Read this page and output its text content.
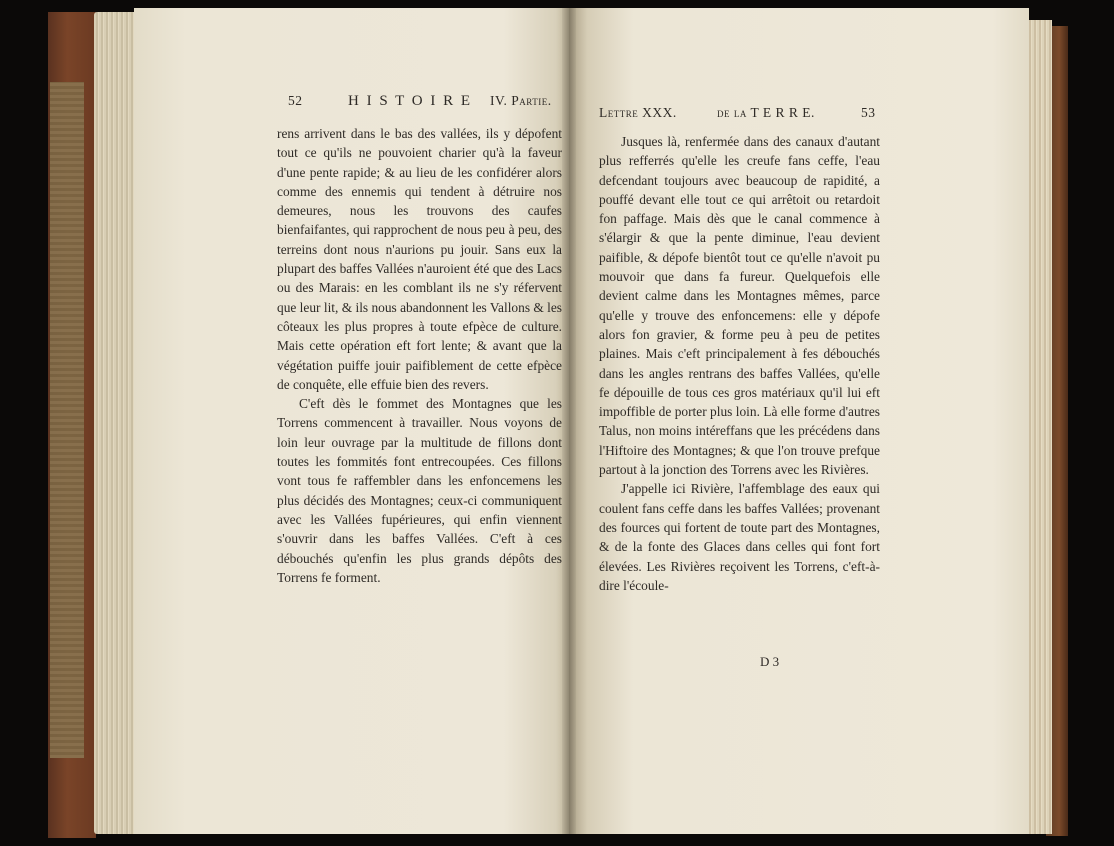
52	H I S T O I R E IV. Partie.

rens arrivent dans le bas des vallées, ils y dépofent tout ce qu'ils ne pouvoient charier qu'à la faveur d'une pente rapide; & au lieu de les confidérer alors comme des ennemis qui tendent à détruire nos demeures, nous les trouvons des caufes bienfaifantes, qui rapprochent de nous peu à peu, des terreins dont nous n'aurions pu jouir. Sans eux la plupart des baffes Vallées n'auroient été que des Lacs ou des Marais: en les comblant ils ne s'y réfervent que leur lit, & ils nous abandonnent les Vallons & les côteaux les plus propres à toute efpèce de culture. Mais cette opération eft fort lente; & avant que la végétation puiffe jouir paifiblement de cette efpèce de conquête, elle effuie bien des revers.

C'eft dès le fommet des Montagnes que les Torrens commencent à travailler. Nous voyons de loin leur ouvrage par la multitude de fillons dont toutes les fommités font entrecoupées. Ces fillons vont tous fe raffembler dans les enfoncemens les plus décidés des Montagnes; ceux-ci communiquent avec les Vallées fupérieures, qui enfin viennent s'ouvrir dans les baffes Vallées. C'eft à ces débouchés qu'enfin les plus grands dépôts des Torrens fe forment.

Lettre XXX.	de la T E R R E.	53

Jusques là, renfermée dans des canaux d'autant plus refferrés qu'elle les creufe fans ceffe, l'eau defcendant toujours avec beaucoup de rapidité, a pouffé devant elle tout ce qui arrêtoit ou retardoit fon paffage. Mais dès que le canal commence à s'élargir & que la pente diminue, l'eau devient paifible, & dépofe bientôt tout ce qu'elle n'avoit pu mouvoir que dans fa fureur. Quelquefois elle devient calme dans les Montagnes mêmes, parce qu'elle y trouve des enfoncemens: elle y dépofe alors fon gravier, & forme peu à peu de petites plaines. Mais c'eft principalement à fes débouchés dans les angles rentrans des baffes Vallées, qu'elle fe dépouille de tous ces gros matériaux qu'il lui eft impoffible de porter plus loin. Là elle forme d'autres Talus, non moins intéreffans que les précédens dans l'Hiftoire des Montagnes; & que l'on trouve prefque partout à la jonction des Torrens avec les Rivières.

J'appelle ici Rivière, l'affemblage des eaux qui coulent fans ceffe dans les baffes Vallées; provenant des fources qui fortent de toute part des Montagnes, & de la fonte des Glaces dans celles qui font fort élevées. Les Rivières reçoivent les Torrens, c'eft-à-dire l'écoule-

D 3
